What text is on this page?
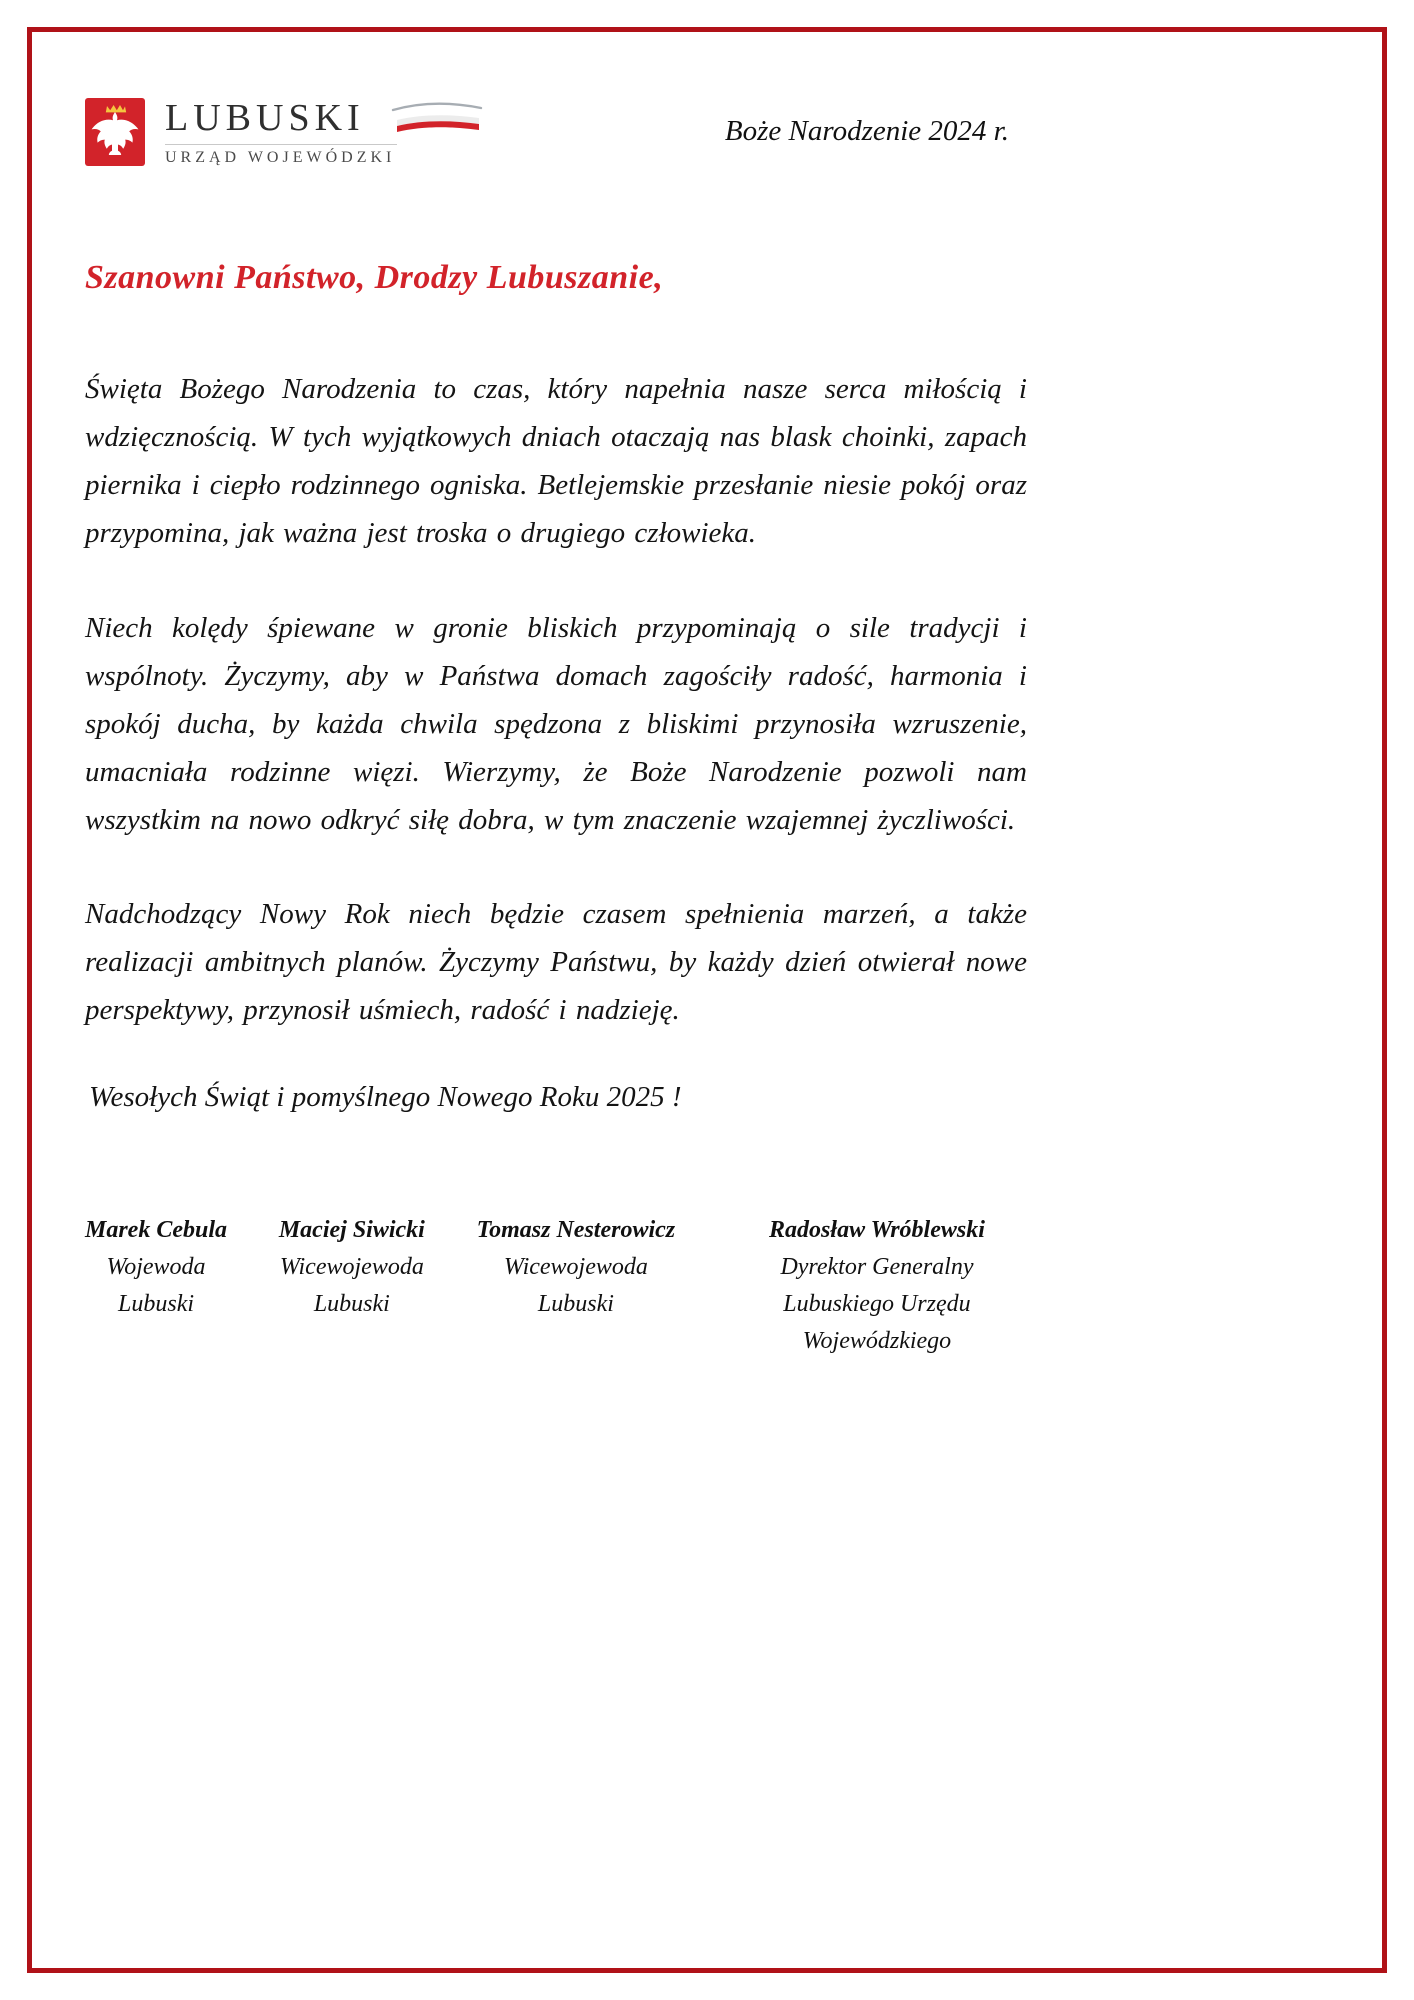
LUBUSKI
URZĄD WOJEWÓDZKI
Boże Narodzenie 2024 r.
Szanowni Państwo, Drodzy Lubuszanie,

Święta Bożego Narodzenia to czas, który napełnia nasze serca miłością i wdzięcznością. W tych wyjątkowych dniach otaczają nas blask choinki, zapach piernika i ciepło rodzinnego ogniska. Betlejemskie przesłanie niesie pokój oraz przypomina, jak ważna jest troska o drugiego człowieka.

Niech kolędy śpiewane w gronie bliskich przypominają o sile tradycji i wspólnoty. Życzymy, aby w Państwa domach zagościły radość, harmonia i spokój ducha, by każda chwila spędzona z bliskimi przynosiła wzruszenie, umacniała rodzinne więzi. Wierzymy, że Boże Narodzenie pozwoli nam wszystkim na nowo odkryć siłę dobra, w tym znaczenie wzajemnej życzliwości.

Nadchodzący Nowy Rok niech będzie czasem spełnienia marzeń, a także realizacji ambitnych planów. Życzymy Państwu, by każdy dzień otwierał nowe perspektywy, przynosił uśmiech, radość i nadzieję.

Wesołych Świąt i pomyślnego Nowego Roku 2025 !
Marek Cebula
Wojewoda
Lubuski
Maciej Siwicki
Wicewojewoda
Lubuski
Tomasz Nesterowicz
Wicewojewoda
Lubuski
Radosław Wróblewski
Dyrektor Generalny
Lubuskiego Urzędu Wojewódzkiego
